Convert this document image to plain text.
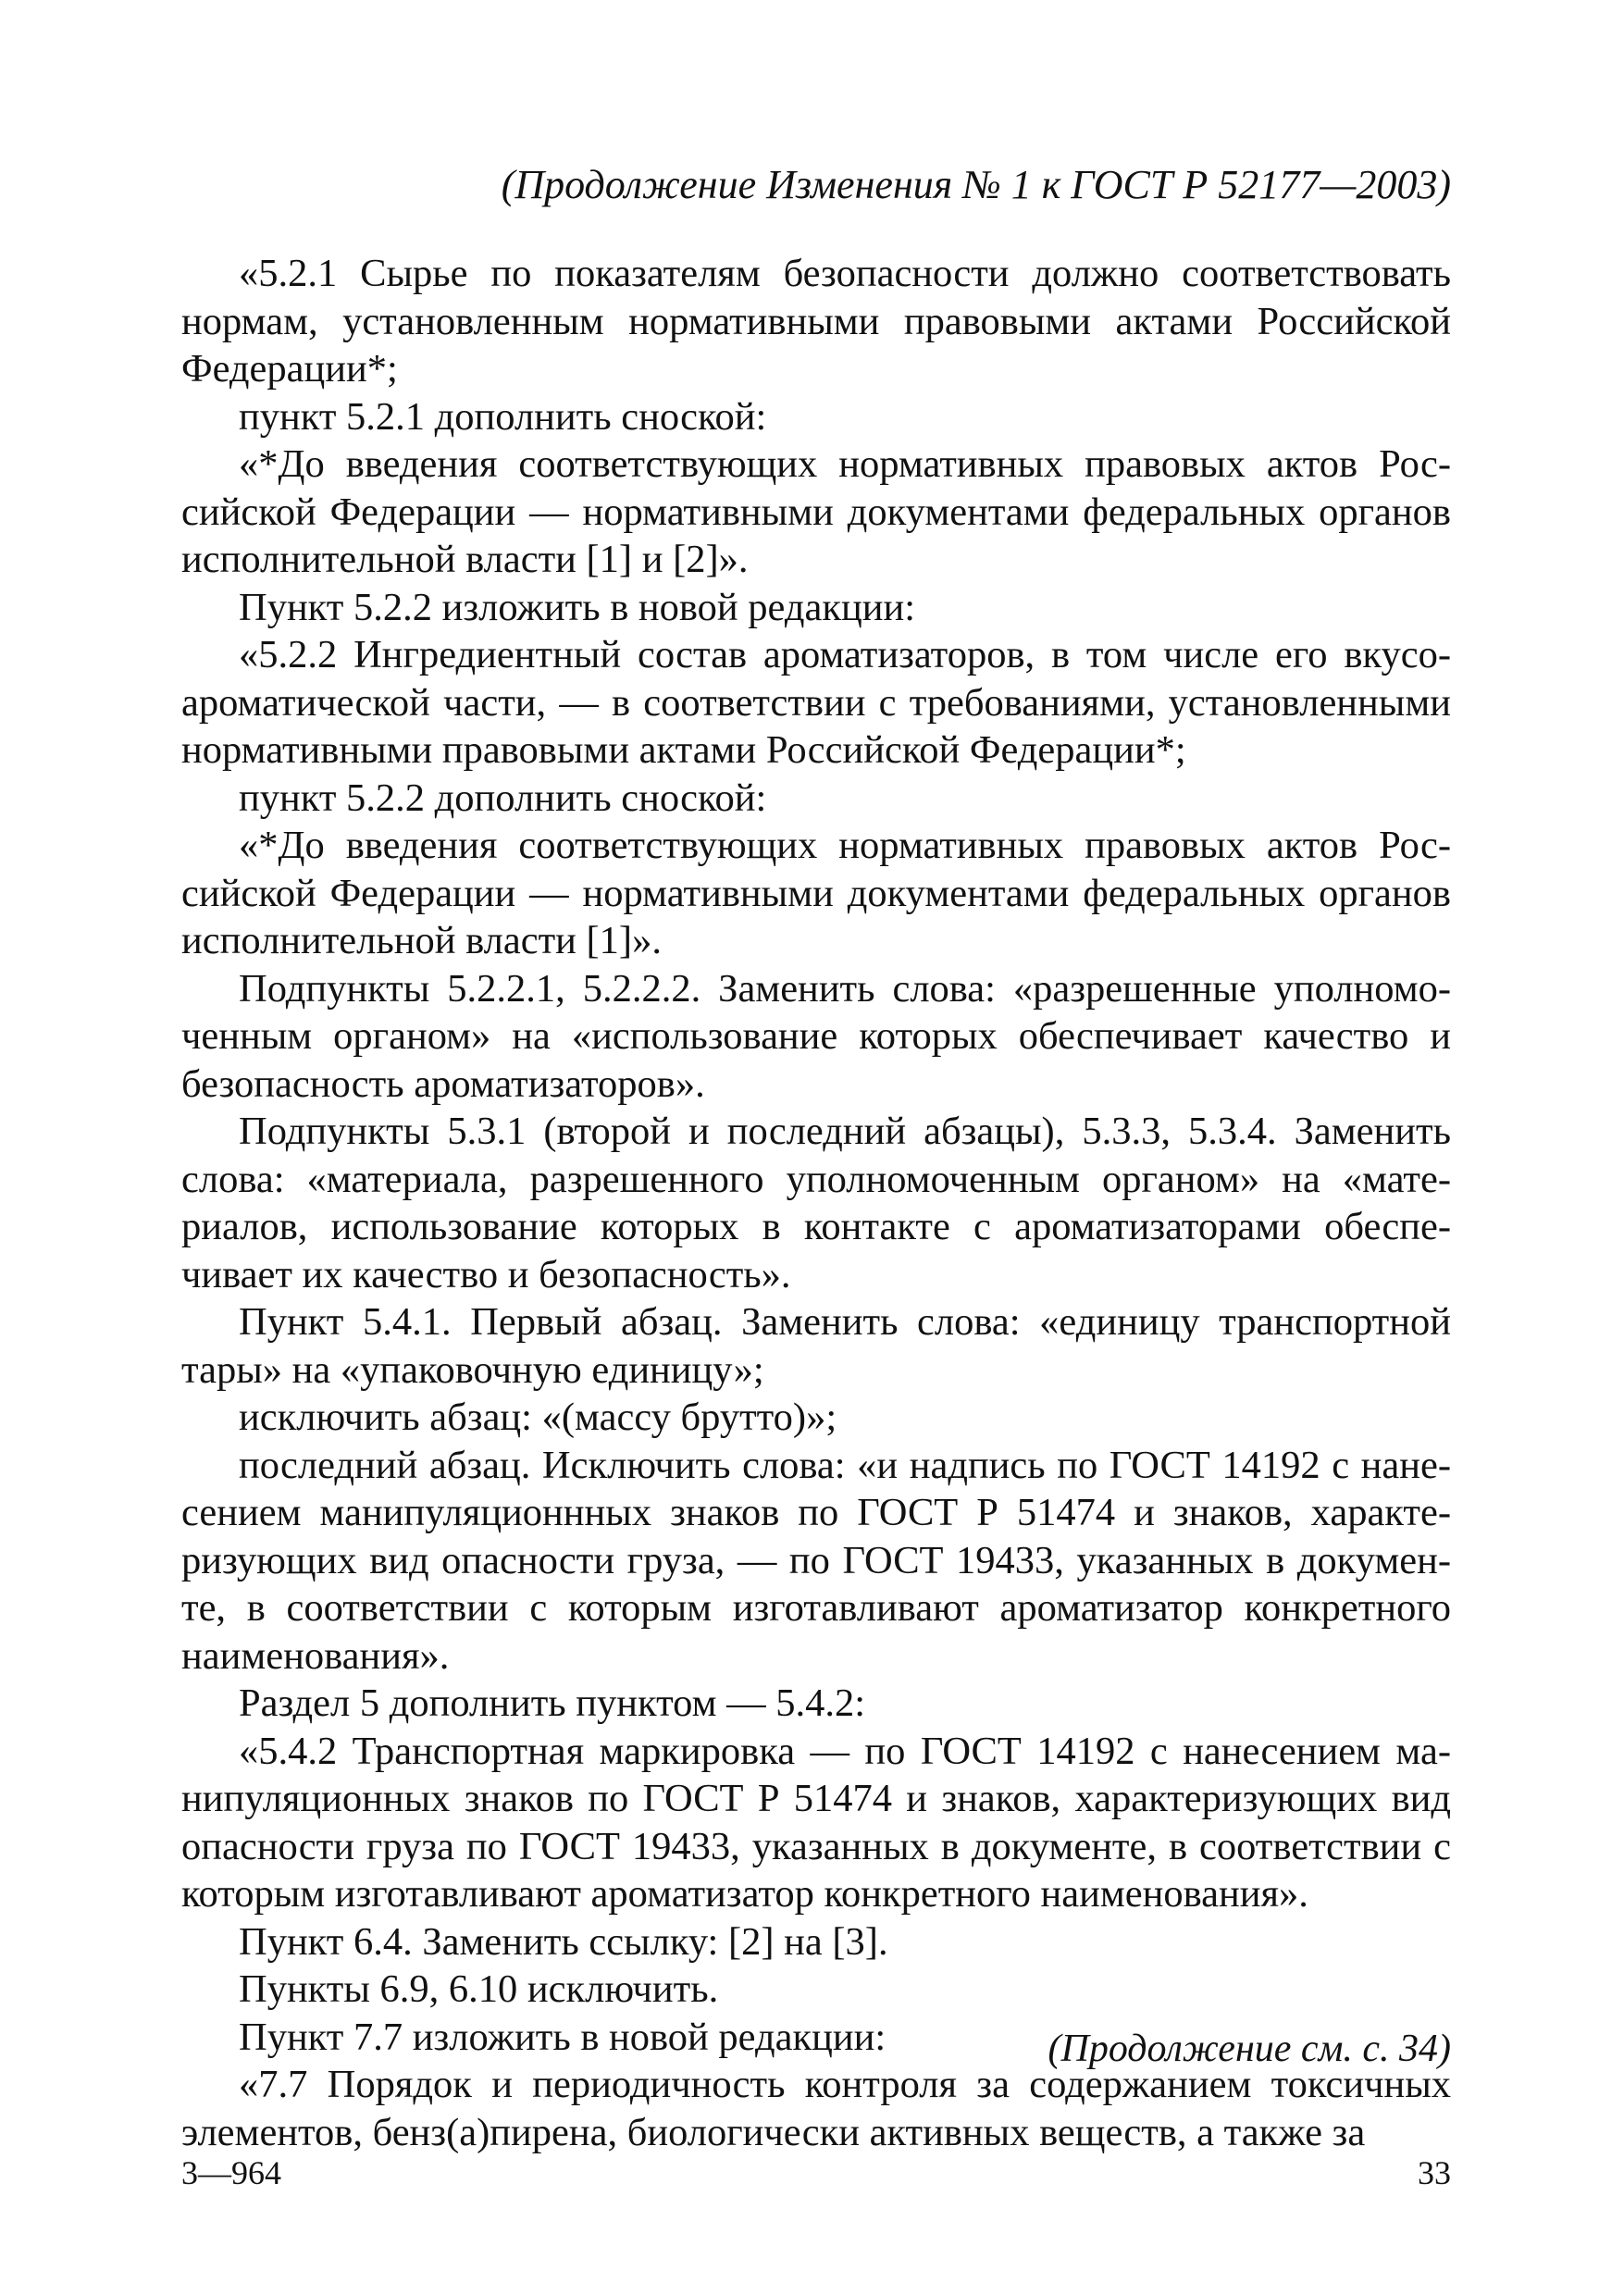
(Продолжение Изменения № 1 к ГОСТ Р 52177—2003)

«5.2.1 Сырье по показателям безопасности должно соответствовать нормам, установленным нормативными правовыми актами Российской Федерации*;

пункт 5.2.1 дополнить сноской:

«*До введения соответствующих нормативных правовых актов Российской Федерации — нормативными документами федеральных органов исполнительной власти [1] и [2]».

Пункт 5.2.2 изложить в новой редакции:

«5.2.2 Ингредиентный состав ароматизаторов, в том числе его вкусоароматической части, — в соответствии с требованиями, установленными нормативными правовыми актами Российской Федерации*;

пункт 5.2.2 дополнить сноской:

«*До введения соответствующих нормативных правовых актов Российской Федерации — нормативными документами федеральных органов исполнительной власти [1]».

Подпункты 5.2.2.1, 5.2.2.2. Заменить слова: «разрешенные уполномоченным органом» на «использование которых обеспечивает качество и безопасность ароматизаторов».

Подпункты 5.3.1 (второй и последний абзацы), 5.3.3, 5.3.4. Заменить слова: «материала, разрешенного уполномоченным органом» на «материалов, использование которых в контакте с ароматизаторами обеспечивает их качество и безопасность».

Пункт 5.4.1. Первый абзац. Заменить слова: «единицу транспортной тары» на «упаковочную единицу»;

исключить абзац: «(массу брутто)»;

последний абзац. Исключить слова: «и надпись по ГОСТ 14192 с нанесением манипуляционнных знаков по ГОСТ Р 51474 и знаков, характеризующих вид опасности груза, — по ГОСТ 19433, указанных в документе, в соответствии с которым изготавливают ароматизатор конкретного наименования».

Раздел 5 дополнить пунктом — 5.4.2:

«5.4.2 Транспортная маркировка — по ГОСТ 14192 с нанесением манипуляционных знаков по ГОСТ Р 51474 и знаков, характеризующих вид опасности груза по ГОСТ 19433, указанных в документе, в соответствии с которым изготавливают ароматизатор конкретного наименования».

Пункт 6.4. Заменить ссылку: [2] на [3].

Пункты 6.9, 6.10 исключить.

Пункт 7.7 изложить в новой редакции:

«7.7 Порядок и периодичность контроля за содержанием токсичных элементов, бенз(а)пирена, биологически активных веществ, а также за

(Продолжение см. с. 34)
3—964	33
